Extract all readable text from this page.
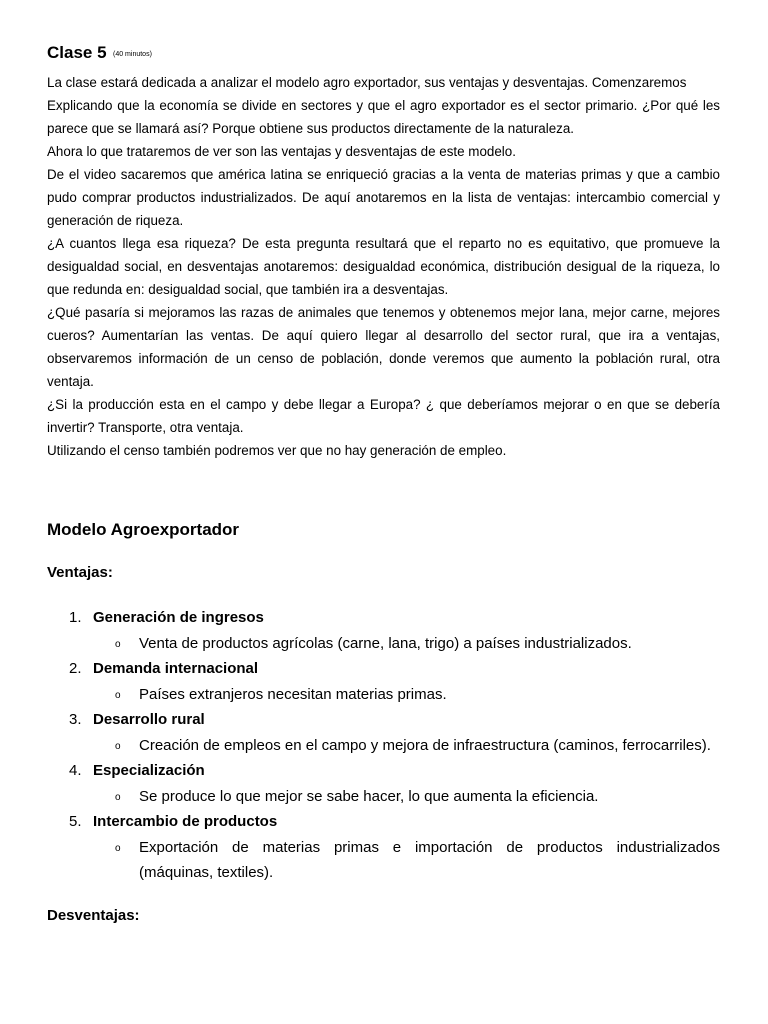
Clase 5 $^{(40 minutos)}$

La clase estará dedicada a analizar el modelo agro exportador, sus ventajas y desventajas. Comenzaremos

Explicando que la economía se divide en sectores y que el agro exportador es el sector primario. ¿Por qué les parece que se llamará así? Porque obtiene sus productos directamente de la naturaleza.

Ahora lo que trataremos de ver son las ventajas y desventajas de este modelo.

De el video sacaremos que américa latina se enriqueció gracias a la venta de materias primas y que a cambio pudo comprar productos industrializados. De aquí anotaremos en la lista de ventajas: intercambio comercial y generación de riqueza.

¿A cuantos llega esa riqueza? De esta pregunta resultará que el reparto no es equitativo, que promueve la desigualdad social, en desventajas anotaremos: desigualdad económica, distribución desigual de la riqueza, lo que redunda en: desigualdad social, que también ira a desventajas.

¿Qué pasaría si mejoramos las razas de animales que tenemos y obtenemos mejor lana, mejor carne, mejores cueros? Aumentarían las ventas. De aquí quiero llegar al desarrollo del sector rural, que ira a ventajas, observaremos información de un censo de población, donde veremos que aumento la población rural, otra ventaja.

¿Si la producción esta en el campo y debe llegar a Europa? ¿ que deberíamos mejorar o en que se debería invertir? Transporte, otra ventaja.

Utilizando el censo también podremos ver que no hay generación de empleo.

Modelo Agroexportador
Ventajas:
1. Generación de ingresos
o Venta de productos agrícolas (carne, lana, trigo) a países industrializados.
2. Demanda internacional
o Países extranjeros necesitan materias primas.
3. Desarrollo rural
o Creación de empleos en el campo y mejora de infraestructura (caminos, ferrocarriles).
4. Especialización
o Se produce lo que mejor se sabe hacer, lo que aumenta la eficiencia.
5. Intercambio de productos
o Exportación de materias primas e importación de productos industrializados (máquinas, textiles).
Desventajas:
